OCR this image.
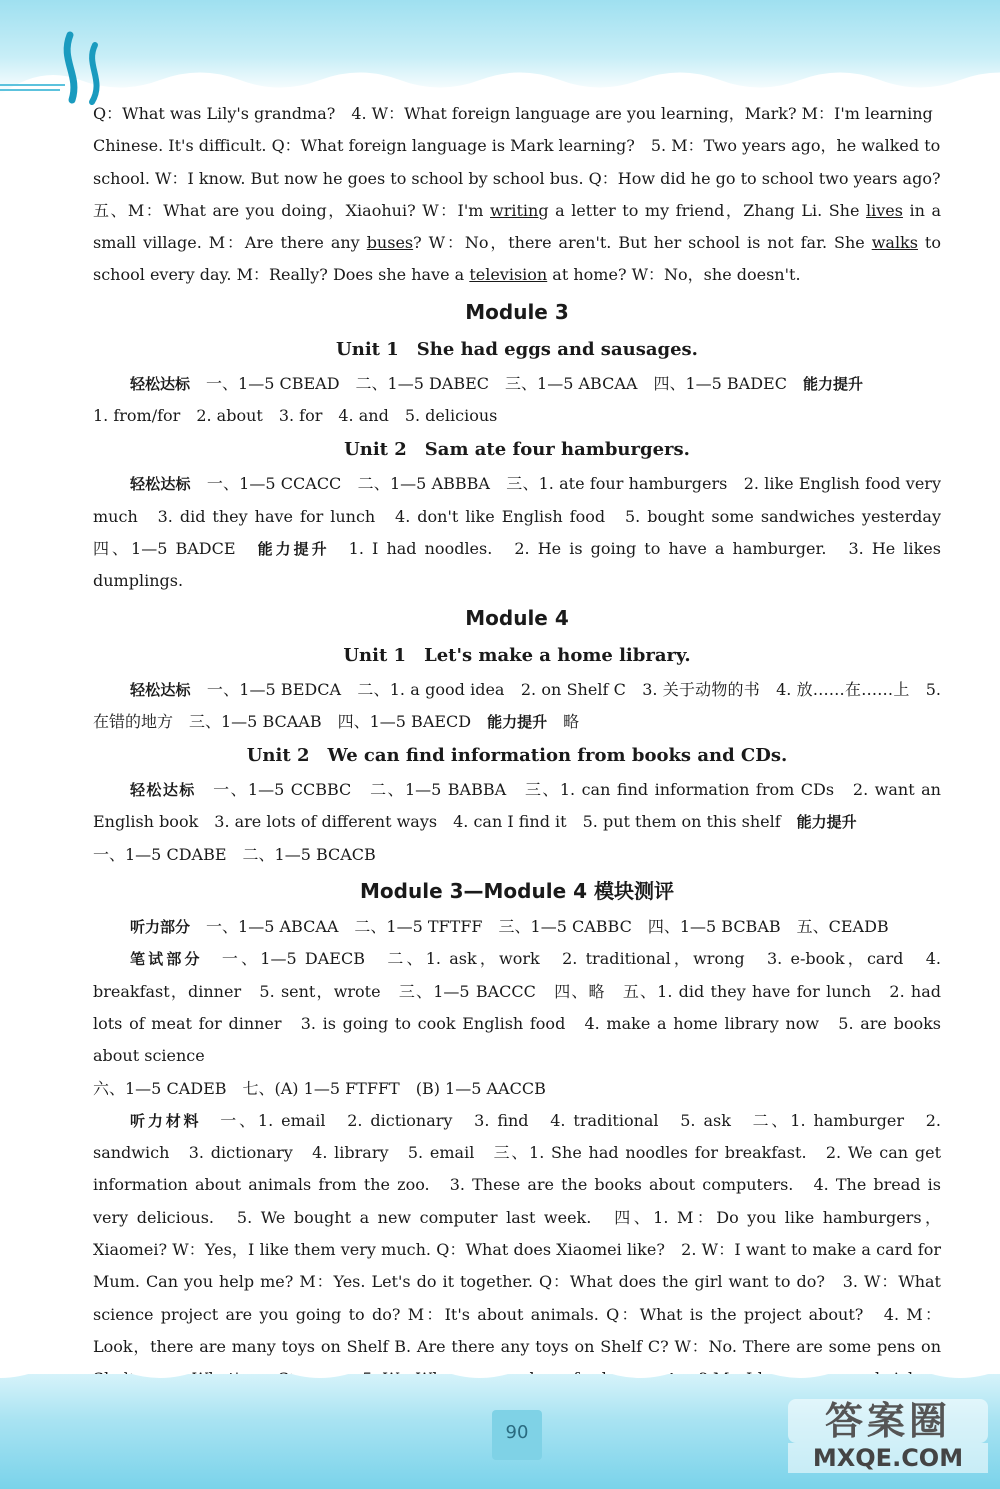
Q：What was Lily's grandma?　4. W：What foreign language are you learning，Mark? M：I'm learning

Chinese. It's difficult. Q：What foreign language is Mark learning?　5. M：Two years ago，he walked to

school. W：I know. But now he goes to school by school bus. Q：How did he go to school two years ago?

五、M：What are you doing，Xiaohui? W：I'm writing a letter to my friend，Zhang Li. She lives in a small village. M：Are there any buses? W：No，there aren't. But her school is not far. She walks to school every day. M：Really? Does she have a television at home? W：No，she doesn't.

Module 3
Unit 1　She had eggs and sausages.

轻松达标　一、1—5 CBEAD　二、1—5 DABEC　三、1—5 ABCAA　四、1—5 BADEC　能力提升

1. from/for　2. about　3. for　4. and　5. delicious

Unit 2　Sam ate four hamburgers.

轻松达标　一、1—5 CCACC　二、1—5 ABBBA　三、1. ate four hamburgers　2. like English food very much　3. did they have for lunch　4. don't like English food　5. bought some sandwiches yesterday　四、1—5 BADCE　能力提升　1. I had noodles.　2. He is going to have a hamburger.　3. He likes dumplings.

Module 4
Unit 1　Let's make a home library.

轻松达标　一、1—5 BEDCA　二、1. a good idea　2. on Shelf C　3. 关于动物的书　4. 放……在……上　5. 在错的地方　三、1—5 BCAAB　四、1—5 BAECD　能力提升　略

Unit 2　We can find information from books and CDs.

轻松达标　一、1—5 CCBBC　二、1—5 BABBA　三、1. can find information from CDs　2. want an English book　3. are lots of different ways　4. can I find it　5. put them on this shelf　能力提升

一、1—5 CDABE　二、1—5 BCACB

Module 3—Module 4 模块测评

听力部分　一、1—5 ABCAA　二、1—5 TFTFF　三、1—5 CABBC　四、1—5 BCBAB　五、CEADB

笔试部分　一、1—5 DAECB　二、1. ask，work　2. traditional，wrong　3. e-book，card　4. breakfast，dinner　5. sent，wrote　三、1—5 BACCC　四、略　五、1. did they have for lunch　2. had lots of meat for dinner　3. is going to cook English food　4. make a home library now　5. are books about science

六、1—5 CADEB　七、(A) 1—5 FTFFT　(B) 1—5 AACCB

听力材料　一、1. email　2. dictionary　3. find　4. traditional　5. ask　二、1. hamburger　2. sandwich　3. dictionary　4. library　5. email　三、1. She had noodles for breakfast.　2. We can get information about animals from the zoo.　3. These are the books about computers.　4. The bread is very delicious.　5. We bought a new computer last week.　四、1. M：Do you like hamburgers，Xiaomei? W：Yes，I like them very much. Q：What does Xiaomei like?　2. W：I want to make a card for Mum. Can you help me? M：Yes. Let's do it together. Q：What does the girl want to do?　3. W：What science project are you going to do? M：It's about animals. Q：What is the project about?　4. M：Look，there are many toys on Shelf B. Are there any toys on Shelf C? W：No. There are some pens on 　

90	答案圈
MXQE.COM
